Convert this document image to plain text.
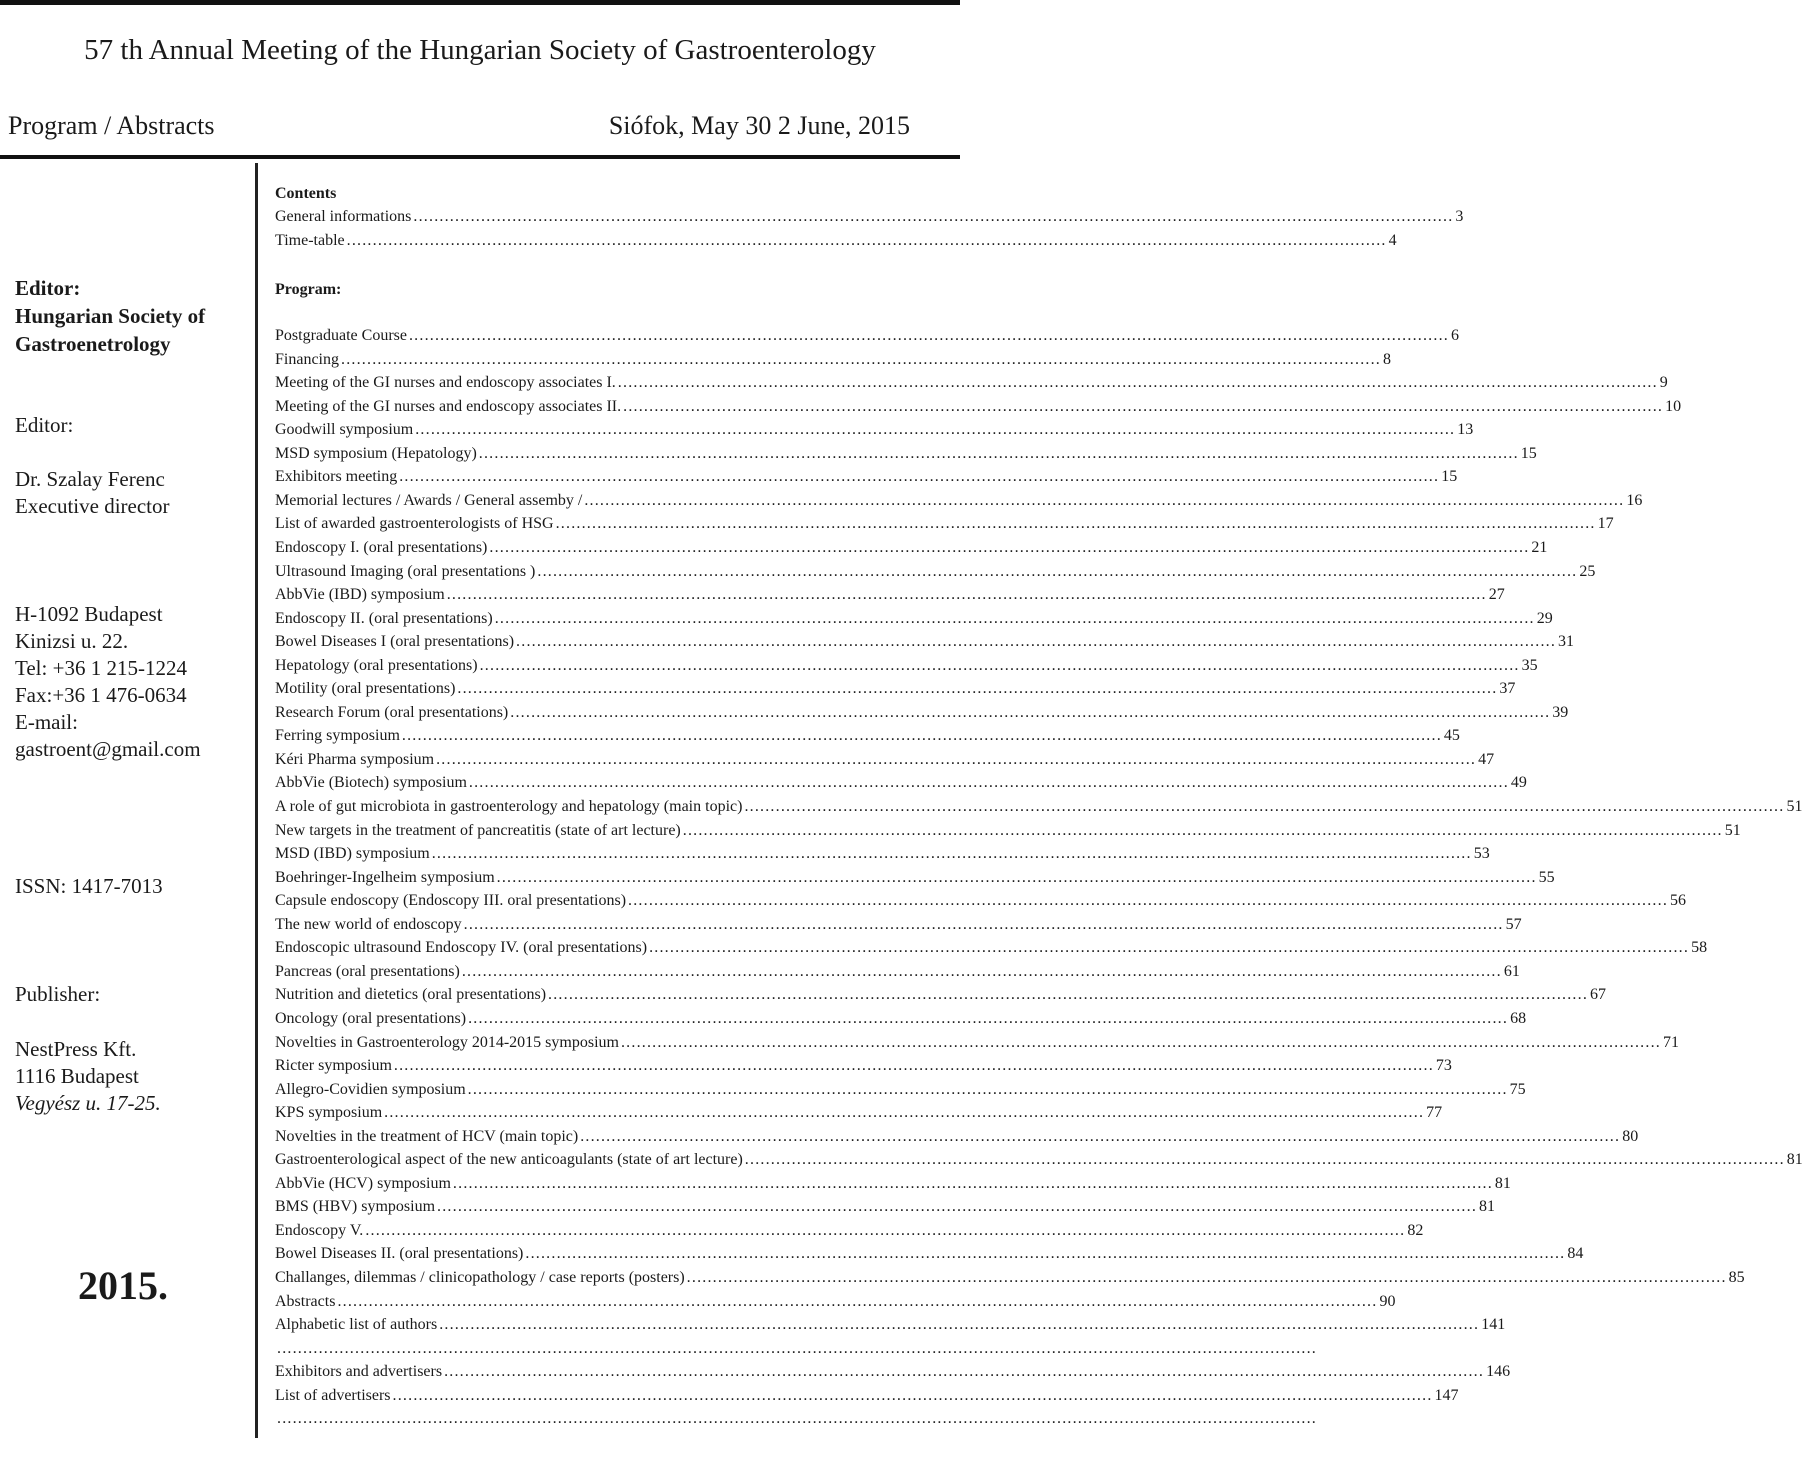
57 th Annual Meeting of the Hungarian Society of Gastroenterology
Program / Abstracts	Siófok, May 30 2 June, 2015
Editor:
Hungarian Society of
Gastroenetrology
Editor:
Dr. Szalay Ferenc
Executive director
H-1092 Budapest
Kinizsi u. 22.
Tel: +36 1 215-1224
Fax:+36 1 476-0634
E-mail:
gastroent@gmail.com
ISSN: 1417-7013
Publisher:
NestPress Kft.
1116 Budapest
Vegyész u. 17-25.
2015.
Contents
General informations ........................................................................................................................................................................................................ 3
Time-table ........................................................................................................................................................................................................ 4
Program:
Postgraduate Course ........................................................................................................................................................................................................ 6
Financing ........................................................................................................................................................................................................ 8
Meeting of the GI nurses and endoscopy associates I. ........................................................................................................................................................................................................ 9
Meeting of the GI nurses and endoscopy associates II. ........................................................................................................................................................................................................ 10
Goodwill symposium ........................................................................................................................................................................................................ 13
MSD symposium (Hepatology) ........................................................................................................................................................................................................ 15
Exhibitors meeting ........................................................................................................................................................................................................ 15
Memorial lectures / Awards / General assemby / ........................................................................................................................................................................................................ 16
List of awarded gastroenterologists of HSG ........................................................................................................................................................................................................ 17
Endoscopy I. (oral presentations) ........................................................................................................................................................................................................ 21
Ultrasound Imaging (oral presentations ) ........................................................................................................................................................................................................ 25
AbbVie (IBD) symposium ........................................................................................................................................................................................................ 27
Endoscopy II. (oral presentations) ........................................................................................................................................................................................................ 29
Bowel Diseases I (oral presentations) ........................................................................................................................................................................................................ 31
Hepatology (oral presentations) ........................................................................................................................................................................................................ 35
Motility (oral presentations) ........................................................................................................................................................................................................ 37
Research Forum (oral presentations) ........................................................................................................................................................................................................ 39
Ferring symposium ........................................................................................................................................................................................................ 45
Kéri Pharma symposium ........................................................................................................................................................................................................ 47
AbbVie (Biotech) symposium ........................................................................................................................................................................................................ 49
A role of gut microbiota in gastroenterology and hepatology (main topic) ........................................................................................................................................................................................................ 51
New targets in the treatment of pancreatitis (state of art lecture) ........................................................................................................................................................................................................ 51
MSD (IBD) symposium ........................................................................................................................................................................................................ 53
Boehringer-Ingelheim symposium ........................................................................................................................................................................................................ 55
Capsule endoscopy (Endoscopy III. oral presentations) ........................................................................................................................................................................................................ 56
The new world of endoscopy ........................................................................................................................................................................................................ 57
Endoscopic ultrasound Endoscopy IV. (oral presentations) ........................................................................................................................................................................................................ 58
Pancreas (oral presentations) ........................................................................................................................................................................................................ 61
Nutrition and dietetics (oral presentations) ........................................................................................................................................................................................................ 67
Oncology (oral presentations) ........................................................................................................................................................................................................ 68
Novelties in Gastroenterology 2014-2015 symposium ........................................................................................................................................................................................................ 71
Ricter symposium ........................................................................................................................................................................................................ 73
Allegro-Covidien symposium ........................................................................................................................................................................................................ 75
KPS symposium ........................................................................................................................................................................................................ 77
Novelties in the treatment of HCV (main topic) ........................................................................................................................................................................................................ 80
Gastroenterological aspect of the new anticoagulants (state of art lecture) ........................................................................................................................................................................................................ 81
AbbVie (HCV) symposium ........................................................................................................................................................................................................ 81
BMS (HBV) symposium ........................................................................................................................................................................................................ 81
Endoscopy V. ........................................................................................................................................................................................................ 82
Bowel Diseases II. (oral presentations) ........................................................................................................................................................................................................ 84
Challanges, dilemmas / clinicopathology / case reports (posters) ........................................................................................................................................................................................................ 85
Abstracts ........................................................................................................................................................................................................ 90
Alphabetic list of authors ........................................................................................................................................................................................................ 141
........................................................................................................................................................................................................
Exhibitors and advertisers ........................................................................................................................................................................................................ 146
List of advertisers ........................................................................................................................................................................................................ 147
........................................................................................................................................................................................................
